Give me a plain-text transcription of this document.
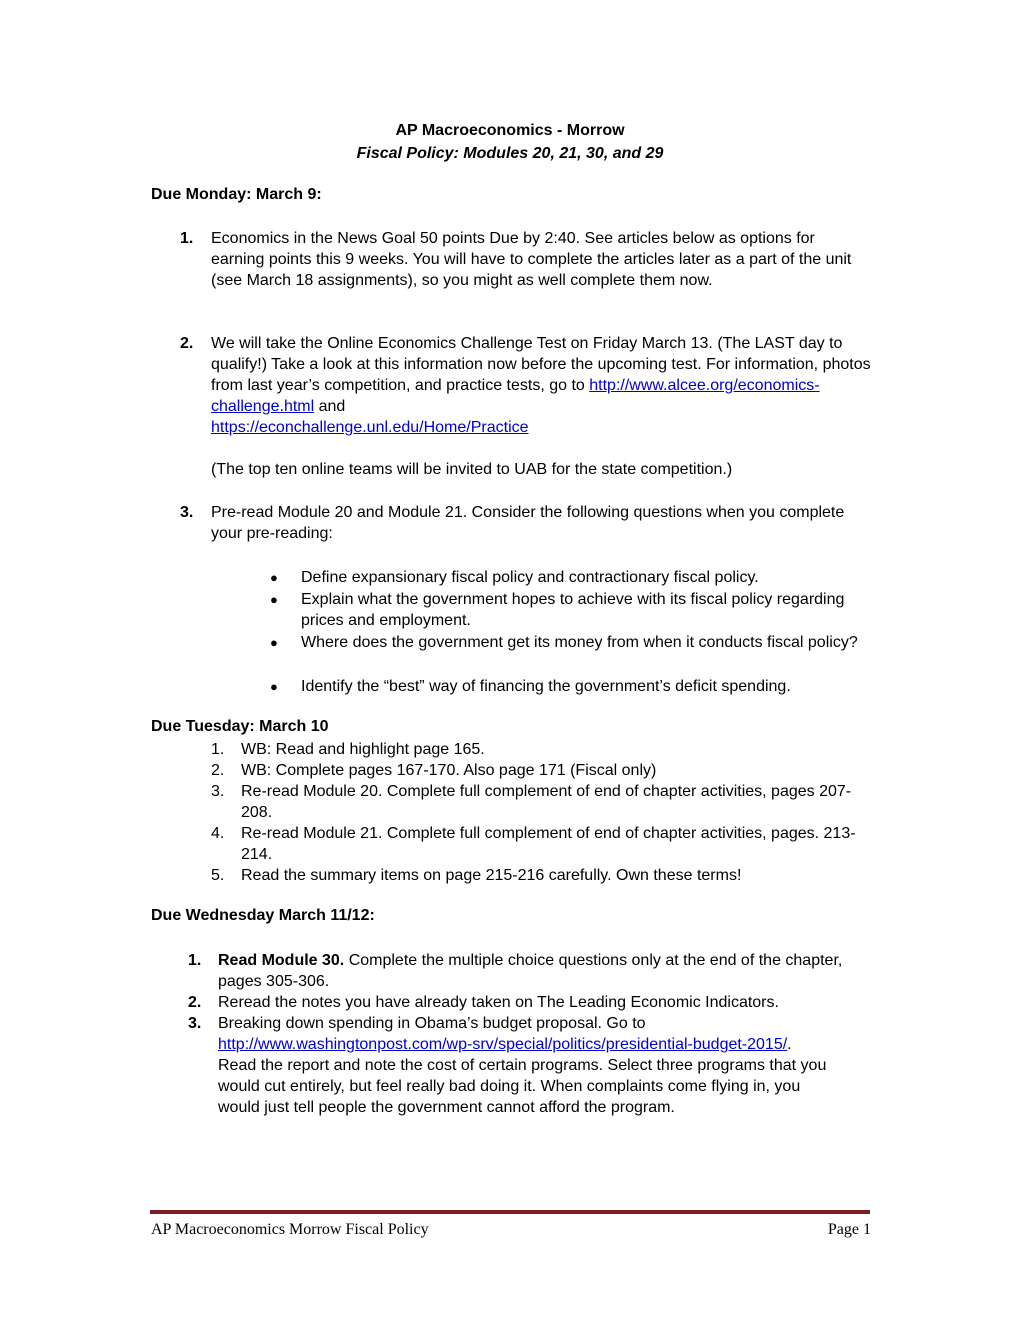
AP Macroeconomics - Morrow
Fiscal Policy: Modules 20, 21, 30, and 29
Due Monday: March 9:
1. Economics in the News Goal 50 points Due by 2:40. See articles below as options for earning points this 9 weeks. You will have to complete the articles later as a part of the unit (see March 18 assignments), so you might as well complete them now.
2. We will take the Online Economics Challenge Test on Friday March 13. (The LAST day to qualify!) Take a look at this information now before the upcoming test. For information, photos from last year’s competition, and practice tests, go to http://www.alcee.org/economics-challenge.html and
https://econchallenge.unl.edu/Home/Practice
(The top ten online teams will be invited to UAB for the state competition.)
3. Pre-read Module 20 and Module 21. Consider the following questions when you complete your pre-reading:
● Define expansionary fiscal policy and contractionary fiscal policy.
● Explain what the government hopes to achieve with its fiscal policy regarding prices and employment.
● Where does the government get its money from when it conducts fiscal policy?
● Identify the “best” way of financing the government’s deficit spending.
Due Tuesday: March 10
1. WB: Read and highlight page 165.
2. WB: Complete pages 167-170. Also page 171 (Fiscal only)
3. Re-read Module 20. Complete full complement of end of chapter activities, pages 207-208.
4. Re-read Module 21. Complete full complement of end of chapter activities, pages. 213-214.
5. Read the summary items on page 215-216 carefully. Own these terms!
Due Wednesday March 11/12:
1. Read Module 30. Complete the multiple choice questions only at the end of the chapter, pages 305-306.
2. Reread the notes you have already taken on The Leading Economic Indicators.
3. Breaking down spending in Obama’s budget proposal. Go to http://www.washingtonpost.com/wp-srv/special/politics/presidential-budget-2015/. Read the report and note the cost of certain programs. Select three programs that you would cut entirely, but feel really bad doing it. When complaints come flying in, you would just tell people the government cannot afford the program.
AP Macroeconomics Morrow Fiscal Policy	Page 1
